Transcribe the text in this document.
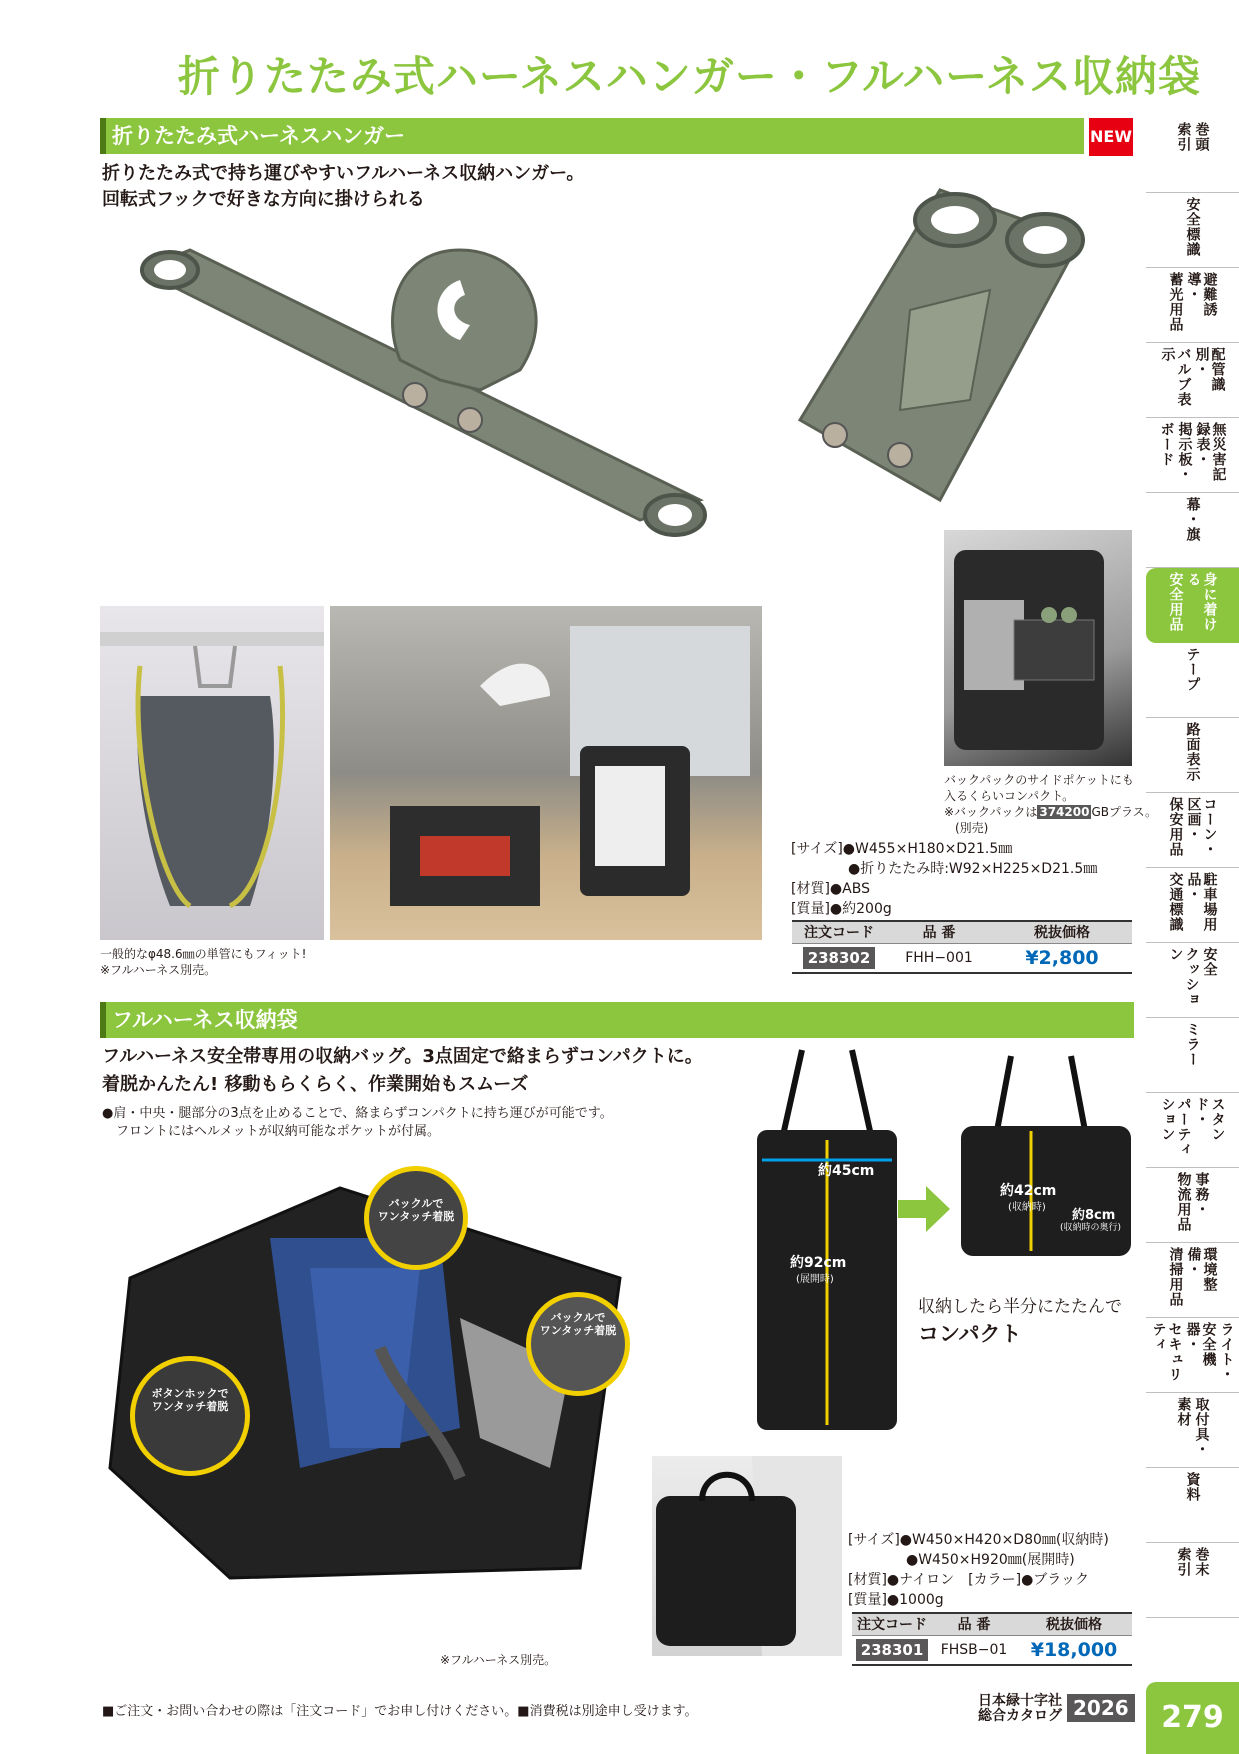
折りたたみ式ハーネスハンガー・フルハーネス収納袋
折りたたみ式ハーネスハンガー	NEW
折りたたみ式で持ち運びやすいフルハーネス収納ハンガー。
回転式フックで好きな方向に掛けられる
バックパックのサイドポケットにも
入るくらいコンパクト。
※バックパックは 374200 GBプラス。
(別売)
一般的なφ48.6㎜の単管にもフィット!
※フルハーネス別売。
[サイズ]●W455×H180×D21.5㎜
●折りたたみ時:W92×H225×D21.5㎜
[材質]●ABS
[質量]●約200g
注文コード	品 番	税抜価格
238302	FHH−001	¥2,800
フルハーネス収納袋
フルハーネス安全帯専用の収納バッグ。3点固定で絡まらずコンパクトに。
着脱かんたん! 移動もらくらく、作業開始もスムーズ
●肩・中央・腿部分の3点を止めることで、絡まらずコンパクトに持ち運びが可能です。
フロントにはヘルメットが収納可能なポケットが付属。
バックルで
ワンタッチ着脱
バックルで
ワンタッチ着脱
ボタンホックで
ワンタッチ着脱
※フルハーネス別売。
約45cm
約92cm
(展開時)
約42cm
(収納時)
約8cm
(収納時の奥行)
収納したら半分にたたんで
コンパクト
[サイズ]●W450×H420×D80㎜(収納時)
●W450×H920㎜(展開時)
[材質]●ナイロン　[カラー]●ブラック
[質量]●1000g
注文コード	品 番	税抜価格
238301	FHSB−01	¥18,000
索引 巻頭
安全標識
蓄光用品	避難誘導・
バルブ表示	配管識別・
ボード 掲示板・	無災害記録表・
幕・旗
安全用品	身に着ける
テープ
路面表示
保安用品	コーン・区画・
交通標識	駐車場用品・
クッション	安全
ミラー
パーティション	スタンド・
物流用品 事務・
清掃用品	環境整備・
セキュリティ	安全機器・	ライト・
素材 取付具・
資料
索引 巻末
■ご注文・お問い合わせの際は「注文コード」でお申し付けください。■消費税は別途申し受けます。
日本緑十字社
総合カタログ 2026	279
